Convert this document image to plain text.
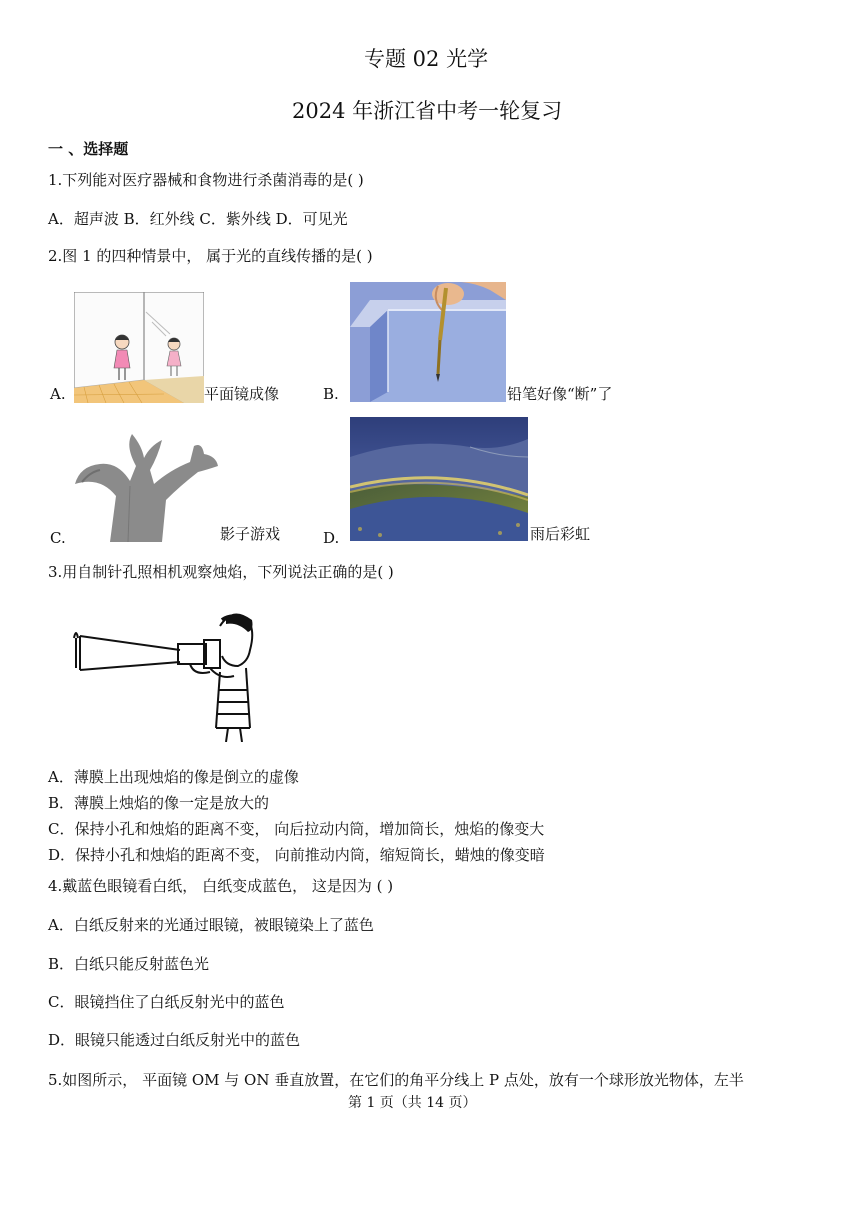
专题 02 光学
2024 年浙江省中考一轮复习
一 、选择题
1.下列能对医疗器械和食物进行杀菌消毒的是( )
A．超声波 B．红外线 C．紫外线 D．可见光
2.图 1 的四种情景中， 属于光的直线传播的是( )
A.	平面镜成像	B.	铅笔好像“断”了
C.	影子游戏	D.	雨后彩虹
3.用自制针孔照相机观察烛焰，下列说法正确的是( )
A．薄膜上出现烛焰的像是倒立的虚像
B．薄膜上烛焰的像一定是放大的
C．保持小孔和烛焰的距离不变， 向后拉动内筒，增加筒长，烛焰的像变大
D．保持小孔和烛焰的距离不变， 向前推动内筒，缩短筒长，蜡烛的像变暗
4.戴蓝色眼镜看白纸， 白纸变成蓝色， 这是因为 ( )
A．白纸反射来的光通过眼镜，被眼镜染上了蓝色
B．白纸只能反射蓝色光
C．眼镜挡住了白纸反射光中的蓝色
D．眼镜只能透过白纸反射光中的蓝色
5.如图所示， 平面镜 OM 与 ON 垂直放置，在它们的角平分线上 P 点处，放有一个球形放光物体，左半
第 1 页（共 14 页）
